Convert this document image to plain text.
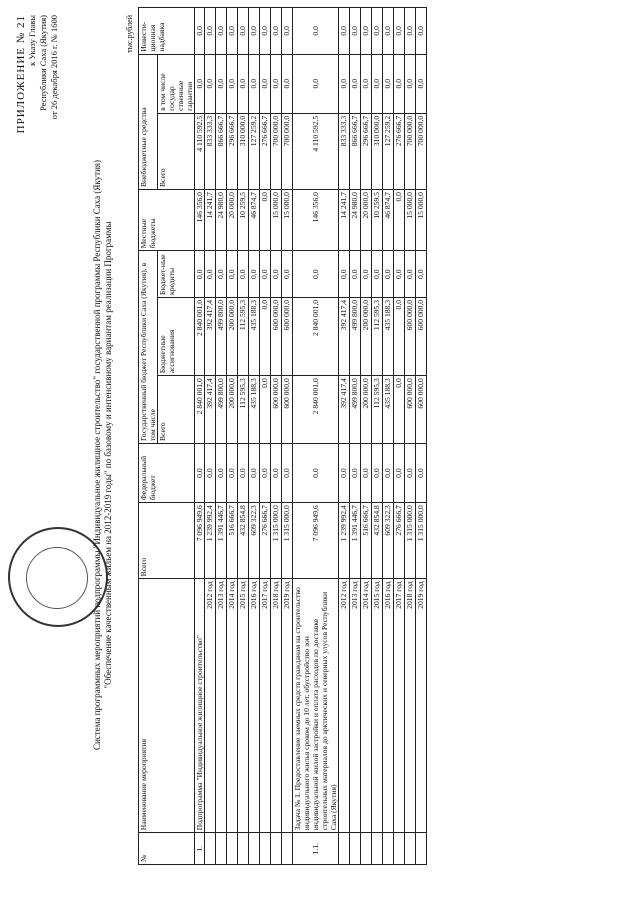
ПРИЛОЖЕНИЕ № 21 к Указу Главы Республики Саха (Якутия) от 26 декабря 2016 г. № 1600
Система программных мероприятий подпрограммы "Индивидуальное жилищное строительство" государственной программы Республики Саха (Якутия) "Обеспечение качественным жильем на 2012-2019 годы" по базовому и интенсивному вариантам реализации Программы
тыс.рублей
№	Наименование мероприятия	Всего	Федеральный бюджет	Государственный бюджет Республики Саха (Якутия), в том числе			Местные бюджеты	Внебюджетные средства		Инвести-ционная надбавка
				Всего	Бюджетные ассигнования	Бюджет-ные кредиты		Всего	в том числе государ ственные гарантии	
1.	Подпрограмма "Индивидуальное жилищное строительство"	7 096 949,6	0,0	2 840 001,0	2 840 001,0	0,0	146 356,0	4 110 592,5	0,0	0,0
	2012 год	1 239 992,4	0,0	392 417,4	392 417,4	0,0	14 241,7	833 333,3	0,0	0,0
	2013 год	1 391 446,7	0,0	499 800,0	499 800,0	0,0	24 980,0	866 666,7	0,0	0,0
	2014 год	516 666,7	0,0	200 000,0	200 000,0	0,0	20 000,0	296 666,7	0,0	0,0
	2015 год	432 854,8	0,0	112 595,3	112 595,3	0,0	10 259,5	310 000,0	0,0	0,0
	2016 год	609 322,3	0,0	435 188,3	435 188,3	0,0	46 874,7	127 259,2	0,0	0,0
	2017 год	276 666,7	0,0	0,0	0,0	0,0	0,0	276 666,7	0,0	0,0
	2018 год	1 315 000,0	0,0	600 000,0	600 000,0	0,0	15 000,0	700 000,0	0,0	0,0
	2019 год	1 315 000,0	0,0	600 000,0	600 000,0	0,0	15 000,0	700 000,0	0,0	0,0
1.1.	Задача № 1. Предоставление заемных средств гражданам на строительство индивидуального жилья сроком до 10 лет, обустройство зон индивидуальной жилой застройки и оплата расходов по доставке строительных материалов до арктических и северных улусов Республики Саха (Якутия)	7 096 949,6	0,0	2 840 001,0	2 840 001,0	0,0	146 356,0	4 110 592,5	0,0	0,0
	2012 год	1 239 992,4	0,0	392 417,4	392 417,4	0,0	14 241,7	833 333,3	0,0	0,0
	2013 год	1 391 446,7	0,0	499 800,0	499 800,0	0,0	24 980,0	866 666,7	0,0	0,0
	2014 год	516 666,7	0,0	200 000,0	200 000,0	0,0	20 000,0	296 666,7	0,0	0,0
	2015 год	432 854,8	0,0	112 595,3	112 595,3	0,0	10 259,5	310 000,0	0,0	0,0
	2016 год	609 322,3	0,0	435 188,3	435 188,3	0,0	46 874,7	127 259,2	0,0	0,0
	2017 год	276 666,7	0,0	0,0	0,0	0,0	0,0	276 666,7	0,0	0,0
	2018 год	1 315 000,0	0,0	600 000,0	600 000,0	0,0	15 000,0	700 000,0	0,0	0,0
	2019 год	1 315 000,0	0,0	600 000,0	600 000,0	0,0	15 000,0	700 000,0	0,0	0,0
